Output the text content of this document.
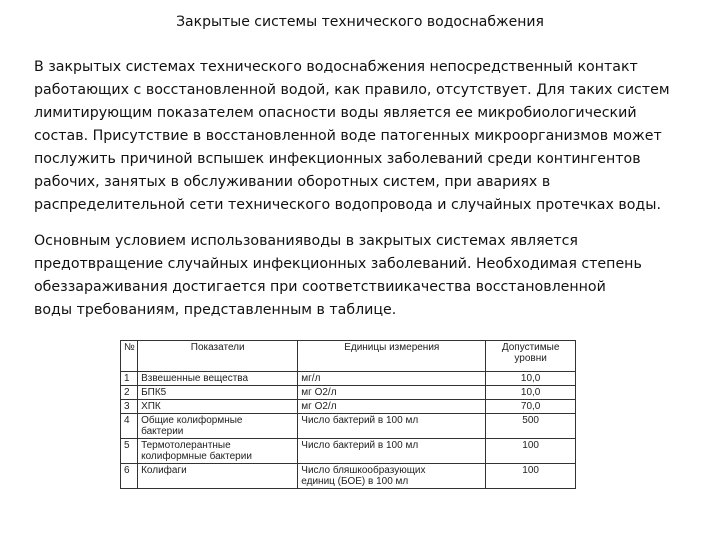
Закрытые системы технического водоснабжения

В закрытых системах технического водоснабжения непосредственный контакт
работающих с восстановленной водой, как правило, отсутствует. Для таких систем
лимитирующим показателем опасности воды является ее микробиологический
состав. Присутствие в восстановленной воде патогенных микроорганизмов может
послужить причиной вспышек инфекционных заболеваний среди контингентов
рабочих, занятых в обслуживании оборотных систем, при авариях в
распределительной сети технического водопровода и случайных протечках воды.

Основным условием использованияводы в закрытых системах является
предотвращение случайных инфекционных заболеваний. Необходимая степень
обеззараживания достигается при соответствиикачества восстановленной
воды требованиям, представленным в таблице.

№	Показатели	Единицы измерения	Допустимые уровни
1	Взвешенные вещества	мг/л	10,0
2	БПК5	мг O2/л	10,0
3	ХПК	мг O2/л	70,0
4	Общие колиформные
бактерии	Число бактерий в 100 мл	500
5	Термотолерантные
колиформные бактерии	Число бактерий в 100 мл	100
6	Колифаги	Число бляшкообразующих
единиц (БОЕ) в 100 мл	100
